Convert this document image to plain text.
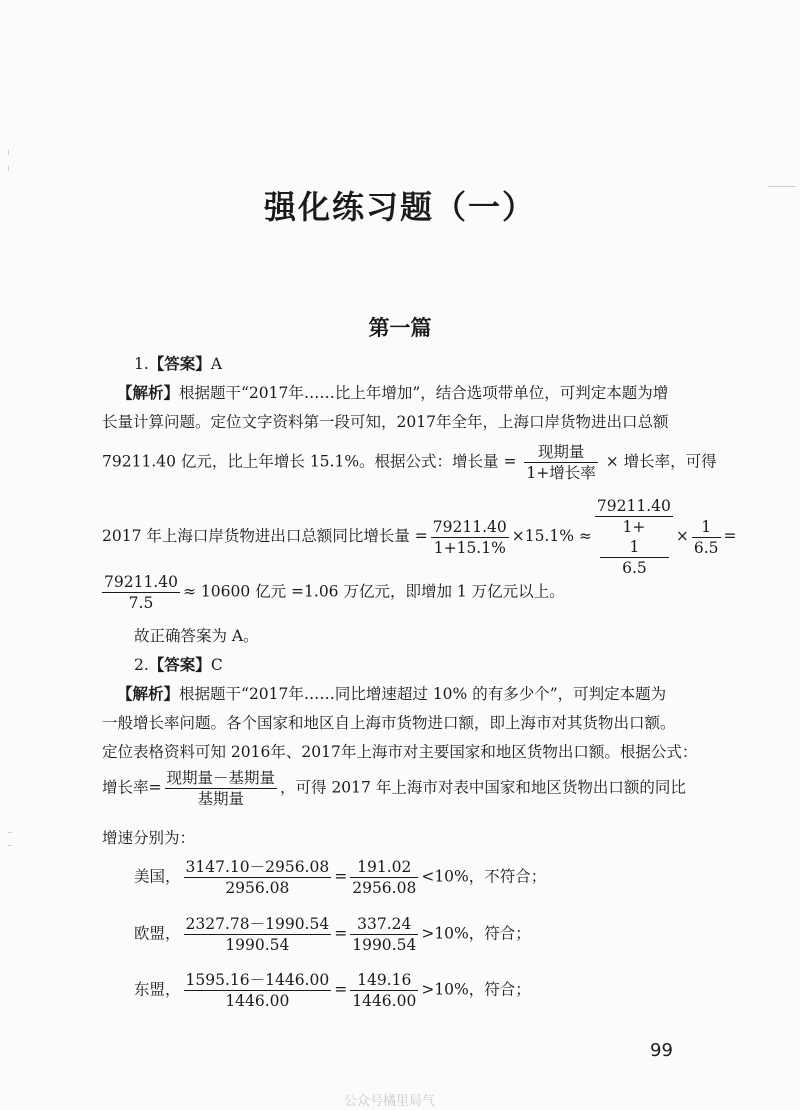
强化练习题（一）
第一篇
1.【答案】A
【解析】根据题干“2017年……比上年增加”，结合选项带单位，可判定本题为增
长量计算问题。定位文字资料第一段可知，2017年全年，上海口岸货物进出口总额
79211.40 亿元，比上年增长 15.1%。根据公式：增长量 = $\frac{\text{现期量}}{\text{1+增长率}}$ × 增长率，可得
2017 年上海口岸货物进出口总额同比增长量 = $\frac{79211.40}{1+15.1\%} \times 15.1\% \approx 79211.40$
1+
1
$6.5 \times \frac{1}{6.5}$ =
$\frac{79211.40}{7.5} \approx 10600$ 亿元 =1.06 万亿元，即增加 1 万亿元以上。
故正确答案为 A。
2.【答案】C
【解析】根据题干“2017年……同比增速超过 10% 的有多少个”，可判定本题为
一般增长率问题。各个国家和地区自上海市货物进口额，即上海市对其货物出口额。
定位表格资料可知 2016年、2017年上海市对主要国家和地区货物出口额。根据公式：
增长率= $\frac{\text{现期量－基期量}}{\text{基期量}}$ ，可得 2017 年上海市对表中国家和地区货物出口额的同比
增速分别为：
美国， $\frac{3147.10-2956.08}{2956.08} = \frac{191.02}{2956.08} <10\%$，不符合；
欧盟， $\frac{2327.78-1990.54}{1990.54} = \frac{337.24}{1990.54} >10\%$，符合；
东盟， $\frac{1595.16-1446.00}{1446.00} = \frac{149.16}{1446.00} >10\%$，符合；
99
公众号橘里局气
